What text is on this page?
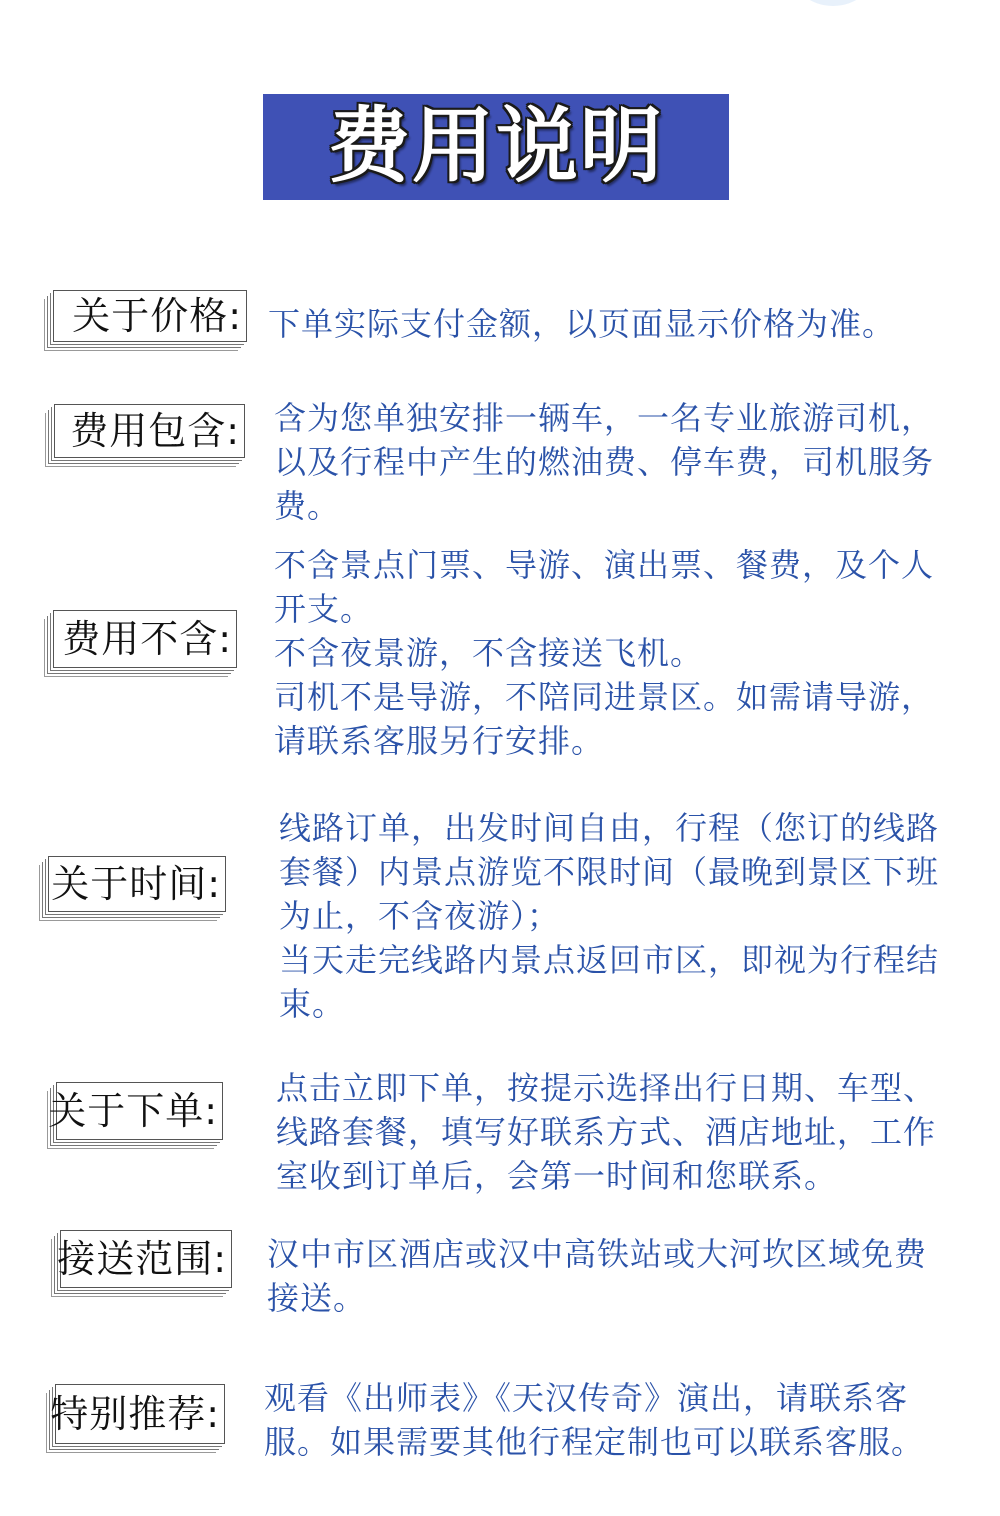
费用说明
关于价格: 下单实际支付金额，以页面显示价格为准。

费用包含: 含为您单独安排一辆车，一名专业旅游司机，以及行程中产生的燃油费、停车费，司机服务费。

费用不含:

不含景点门票、导游、演出票、餐费，及个人开支。

不含夜景游，不含接送飞机。

司机不是导游，不陪同进景区。如需请导游，请联系客服另行安排。

关于时间:

线路订单，出发时间自由，行程（您订的线路套餐）内景点游览不限时间（最晚到景区下班为止，不含夜游）；

当天走完线路内景点返回市区，即视为行程结束。

关于下单:

点击立即下单，按提示选择出行日期、车型、线路套餐，填写好联系方式、酒店地址，工作室收到订单后，会第一时间和您联系。

接送范围: 汉中市区酒店或汉中高铁站或大河坎区域免费接送。

特别推荐: 观看《出师表》《天汉传奇》演出，请联系客服。如果需要其他行程定制也可以联系客服。
